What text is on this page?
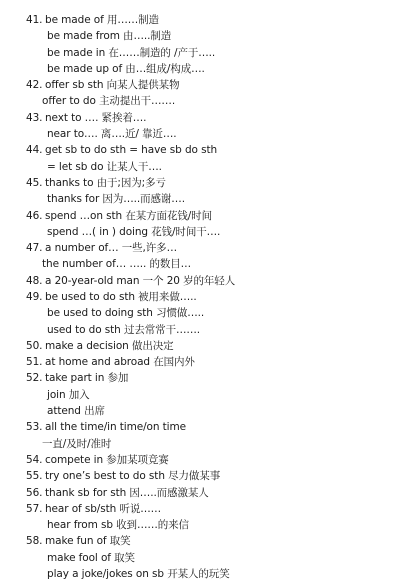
41. be made of 用……制造
be made from 由…..制造
be made in 在……制造的 /产于…..
be made up of 由…组成/构成….
42. offer sb sth 向某人提供某物
offer to do 主动提出干…….
43. next to …. 紧挨着….
near to…. 离….近/ 靠近….
44. get sb to do sth = have sb do sth
= let sb do 让某人干….
45. thanks to 由于;因为;多亏
thanks for 因为…..而感谢….
46. spend …on sth 在某方面花钱/时间
spend …( in ) doing 花钱/时间干….
47. a number of… 一些,许多…
the number of… ….. 的数目…
48. a 20-year-old man 一个 20 岁的年轻人
49. be used to do sth 被用来做…..
be used to doing sth 习惯做…..
used to do sth 过去常常干…….
50. make a decision 做出决定
51. at home and abroad 在国内外
52. take part in 参加
join 加入
attend 出席
53. all the time/in time/on time
一直/及时/准时
54. compete in 参加某项竞赛
55. try one’s best to do sth 尽力做某事
56. thank sb for sth 因…..而感激某人
57. hear of sb/sth 听说……
hear from sb 收到……的来信
58. make fun of 取笑
make fool of 取笑
play a joke/jokes on sb 开某人的玩笑
